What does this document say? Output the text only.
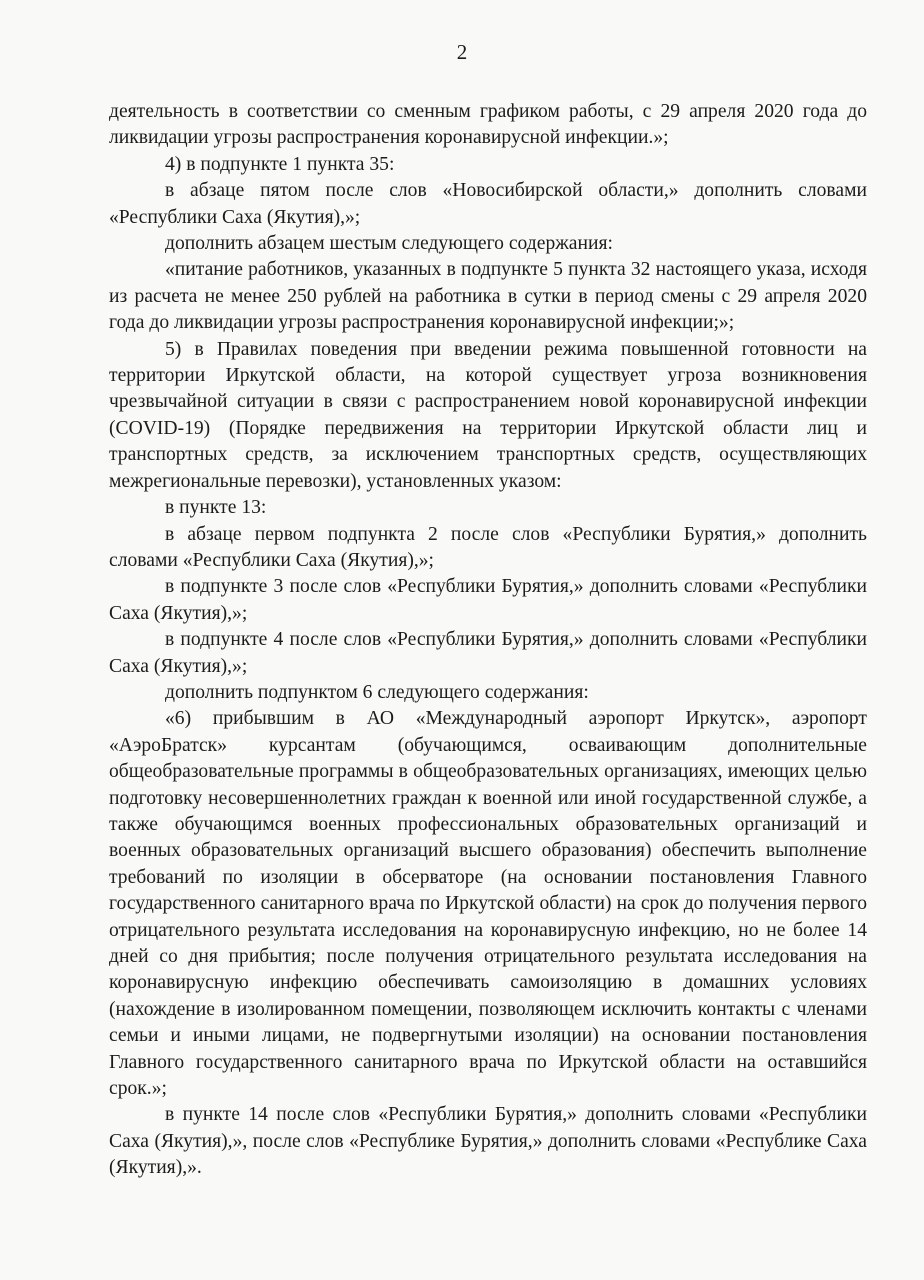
2

деятельность в соответствии со сменным графиком работы, с 29 апреля 2020 года до ликвидации угрозы распространения коронавирусной инфекции.»;

4) в подпункте 1 пункта 35:

в абзаце пятом после слов «Новосибирской области,» дополнить словами «Республики Саха (Якутия),»;

дополнить абзацем шестым следующего содержания:

«питание работников, указанных в подпункте 5 пункта 32 настоящего указа, исходя из расчета не менее 250 рублей на работника в сутки в период смены с 29 апреля 2020 года до ликвидации угрозы распространения коронавирусной инфекции;»;

5) в Правилах поведения при введении режима повышенной готовности на территории Иркутской области, на которой существует угроза возникновения чрезвычайной ситуации в связи с распространением новой коронавирусной инфекции (COVID-19) (Порядке передвижения на территории Иркутской области лиц и транспортных средств, за исключением транспортных средств, осуществляющих межрегиональные перевозки), установленных указом:

в пункте 13:

в абзаце первом подпункта 2 после слов «Республики Бурятия,» дополнить словами «Республики Саха (Якутия),»;

в подпункте 3 после слов «Республики Бурятия,» дополнить словами «Республики Саха (Якутия),»;

в подпункте 4 после слов «Республики Бурятия,» дополнить словами «Республики Саха (Якутия),»;

дополнить подпунктом 6 следующего содержания:

«6) прибывшим в АО «Международный аэропорт Иркутск», аэропорт «АэроБратск» курсантам (обучающимся, осваивающим дополнительные общеобразовательные программы в общеобразовательных организациях, имеющих целью подготовку несовершеннолетних граждан к военной или иной государственной службе, а также обучающимся военных профессиональных образовательных организаций и военных образовательных организаций высшего образования) обеспечить выполнение требований по изоляции в обсерваторе (на основании постановления Главного государственного санитарного врача по Иркутской области) на срок до получения первого отрицательного результата исследования на коронавирусную инфекцию, но не более 14 дней со дня прибытия; после получения отрицательного результата исследования на коронавирусную инфекцию обеспечивать самоизоляцию в домашних условиях (нахождение в изолированном помещении, позволяющем исключить контакты с членами семьи и иными лицами, не подвергнутыми изоляции) на основании постановления Главного государственного санитарного врача по Иркутской области на оставшийся срок.»;

в пункте 14 после слов «Республики Бурятия,» дополнить словами «Республики Саха (Якутия),», после слов «Республике Бурятия,» дополнить словами «Республике Саха (Якутия),».
